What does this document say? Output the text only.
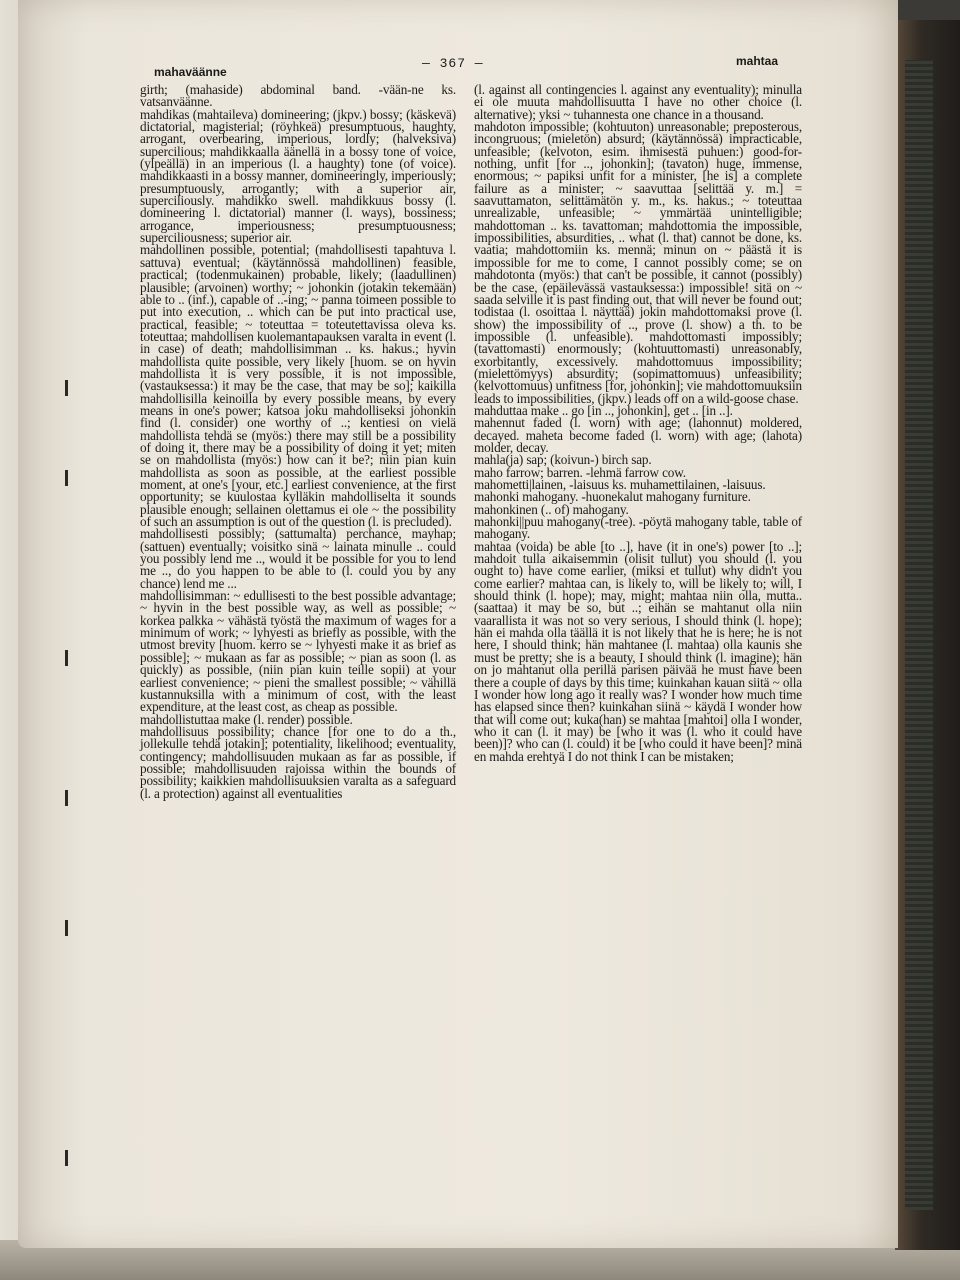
mahaväänne
— 367 —	mahtaa

girth; (mahaside) abdominal band. -vään-ne ks. vatsanväänne.

mahdikas (mahtaileva) domineering; (jkpv.) bossy; (käskevä) dictatorial, magisterial; (röyhkeä) presumptuous, haughty, arrogant, overbearing, imperious, lordly; (halveksiva) supercilious; mahdikkaalla äänellä in a bossy tone of voice, (ylpeällä) in an imperious (l. a haughty) tone (of voice). mahdikkaasti in a bossy manner, domineeringly, imperiously; presumptuously, arrogantly; with a superior air, superciliously. mahdikko swell. mahdikkuus bossy (l. domineering l. dictatorial) manner (l. ways), bossiness; arrogance, imperiousness; presumptuousness; superciliousness; superior air.

mahdollinen possible, potential; (mahdollisesti tapahtuva l. sattuva) eventual; (käytännössä mahdollinen) feasible, practical; (todenmukainen) probable, likely; (laadullinen) plausible; (arvoinen) worthy; ~ johonkin (jotakin tekemään) able to .. (inf.), capable of ..-ing; ~ panna toimeen possible to put into execution, .. which can be put into practical use, practical, feasible; ~ toteuttaa = toteutettavissa oleva ks. toteuttaa; mahdollisen kuolemantapauksen varalta in event (l. in case) of death; mahdollisimman .. ks. hakus.; hyvin mahdollista quite possible, very likely [huom. se on hyvin mahdollista it is very possible, it is not impossible, (vastauksessa:) it may be the case, that may be so]; kaikilla mahdollisilla keinoilla by every possible means, by every means in one's power; katsoa joku mahdolliseksi johonkin find (l. consider) one worthy of ..; kentiesi on vielä mahdollista tehdä se (myös:) there may still be a possibility of doing it, there may be a possibility of doing it yet; miten se on mahdollista (myös:) how can it be?; niin pian kuin mahdollista as soon as possible, at the earliest possible moment, at one's [your, etc.] earliest convenience, at the first opportunity; se kuulostaa kylläkin mahdolliselta it sounds plausible enough; sellainen olettamus ei ole ~ the possibility of such an assumption is out of the question (l. is precluded).

mahdollisesti possibly; (sattumalta) perchance, mayhap; (sattuen) eventually; voisitko sinä ~ lainata minulle .. could you possibly lend me .., would it be possible for you to lend me .., do you happen to be able to (l. could you by any chance) lend me ...

mahdollisimman: ~ edullisesti to the best possible advantage; ~ hyvin in the best possible way, as well as possible; ~ korkea palkka ~ vähästä työstä the maximum of wages for a minimum of work; ~ lyhyesti as briefly as possible, with the utmost brevity [huom. kerro se ~ lyhyesti make it as brief as possible]; ~ mukaan as far as possible; ~ pian as soon (l. as quickly) as possible, (niin pian kuin teille sopii) at your earliest convenience; ~ pieni the smallest possible; ~ vähillä kustannuksilla with a minimum of cost, with the least expenditure, at the least cost, as cheap as possible.

mahdollistuttaa make (l. render) possible.

mahdollisuus possibility; chance [for one to do a th., jollekulle tehdä jotakin]; potentiality, likelihood; eventuality, contingency; mahdollisuuden mukaan as far as possible, if possible; mahdollisuuden rajoissa within the bounds of possibility; kaikkien mahdollisuuksien varalta as a safeguard (l. a protection) against all eventualities

(l. against all contingencies l. against any eventuality); minulla ei ole muuta mahdollisuutta I have no other choice (l. alternative); yksi ~ tuhannesta one chance in a thousand.

mahdoton impossible; (kohtuuton) unreasonable; preposterous, incongruous; (mieletön) absurd; (käytännössä) impracticable, unfeasible; (kelvoton, esim. ihmisestä puhuen:) good-for-nothing, unfit [for .., johonkin]; (tavaton) huge, immense, enormous; ~ papiksi unfit for a minister, [he is] a complete failure as a minister; ~ saavuttaa [selittää y. m.] = saavuttamaton, selittämätön y. m., ks. hakus.; ~ toteuttaa unrealizable, unfeasible; ~ ymmärtää unintelligible; mahdottoman .. ks. tavattoman; mahdottomia the impossible, impossibilities, absurdities, .. what (l. that) cannot be done, ks. vaatia; mahdottomiin ks. mennä; minun on ~ päästä it is impossible for me to come, I cannot possibly come; se on mahdotonta (myös:) that can't be possible, it cannot (possibly) be the case, (epäilevässä vastauksessa:) impossible! sitä on ~ saada selville it is past finding out, that will never be found out; todistaa (l. osoittaa l. näyttää) jokin mahdottomaksi prove (l. show) the impossibility of .., prove (l. show) a th. to be impossible (l. unfeasible). mahdottomasti impossibly; (tavattomasti) enormously; (kohtuuttomasti) unreasonably, exorbitantly, excessively. mahdottomuus impossibility; (mielettömyys) absurdity; (sopimattomuus) unfeasibility; (kelvottomuus) unfitness [for, johonkin]; vie mahdottomuuksiin leads to impossibilities, (jkpv.) leads off on a wild-goose chase.

mahduttaa make .. go [in .., johonkin], get .. [in ..].

mahennut faded (l. worn) with age; (lahonnut) moldered, decayed. maheta become faded (l. worn) with age; (lahota) molder, decay.

mahla(ja) sap; (koivun-) birch sap.

maho farrow; barren. -lehmä farrow cow.

mahometti|lainen, -laisuus ks. muhamettilainen, -laisuus.

mahonki mahogany. -huonekalut mahogany furniture.

mahonkinen (.. of) mahogany.

mahonki||puu mahogany(-tree). -pöytä mahogany table, table of mahogany.

mahtaa (voida) be able [to ..], have (it in one's) power [to ..]; mahdoit tulla aikaisemmin (olisit tullut) you should (l. you ought to) have come earlier, (miksi et tullut) why didn't you come earlier? mahtaa can, is likely to, will be likely to; will, I should think (l. hope); may, might; mahtaa niin olla, mutta.. (saattaa) it may be so, but ..; eihän se mahtanut olla niin vaarallista it was not so very serious, I should think (l. hope); hän ei mahda olla täällä it is not likely that he is here; he is not here, I should think; hän mahtanee (l. mahtaa) olla kaunis she must be pretty; she is a beauty, I should think (l. imagine); hän on jo mahtanut olla perillä parisen päivää he must have been there a couple of days by this time; kuinkahan kauan siitä ~ olla I wonder how long ago it really was? I wonder how much time has elapsed since then? kuinkahan siinä ~ käydä I wonder how that will come out; kuka(han) se mahtaa [mahtoi] olla I wonder, who it can (l. it may) be [who it was (l. who it could have been)]? who can (l. could) it be [who could it have been]? minä en mahda erehtyä I do not think I can be mistaken;
